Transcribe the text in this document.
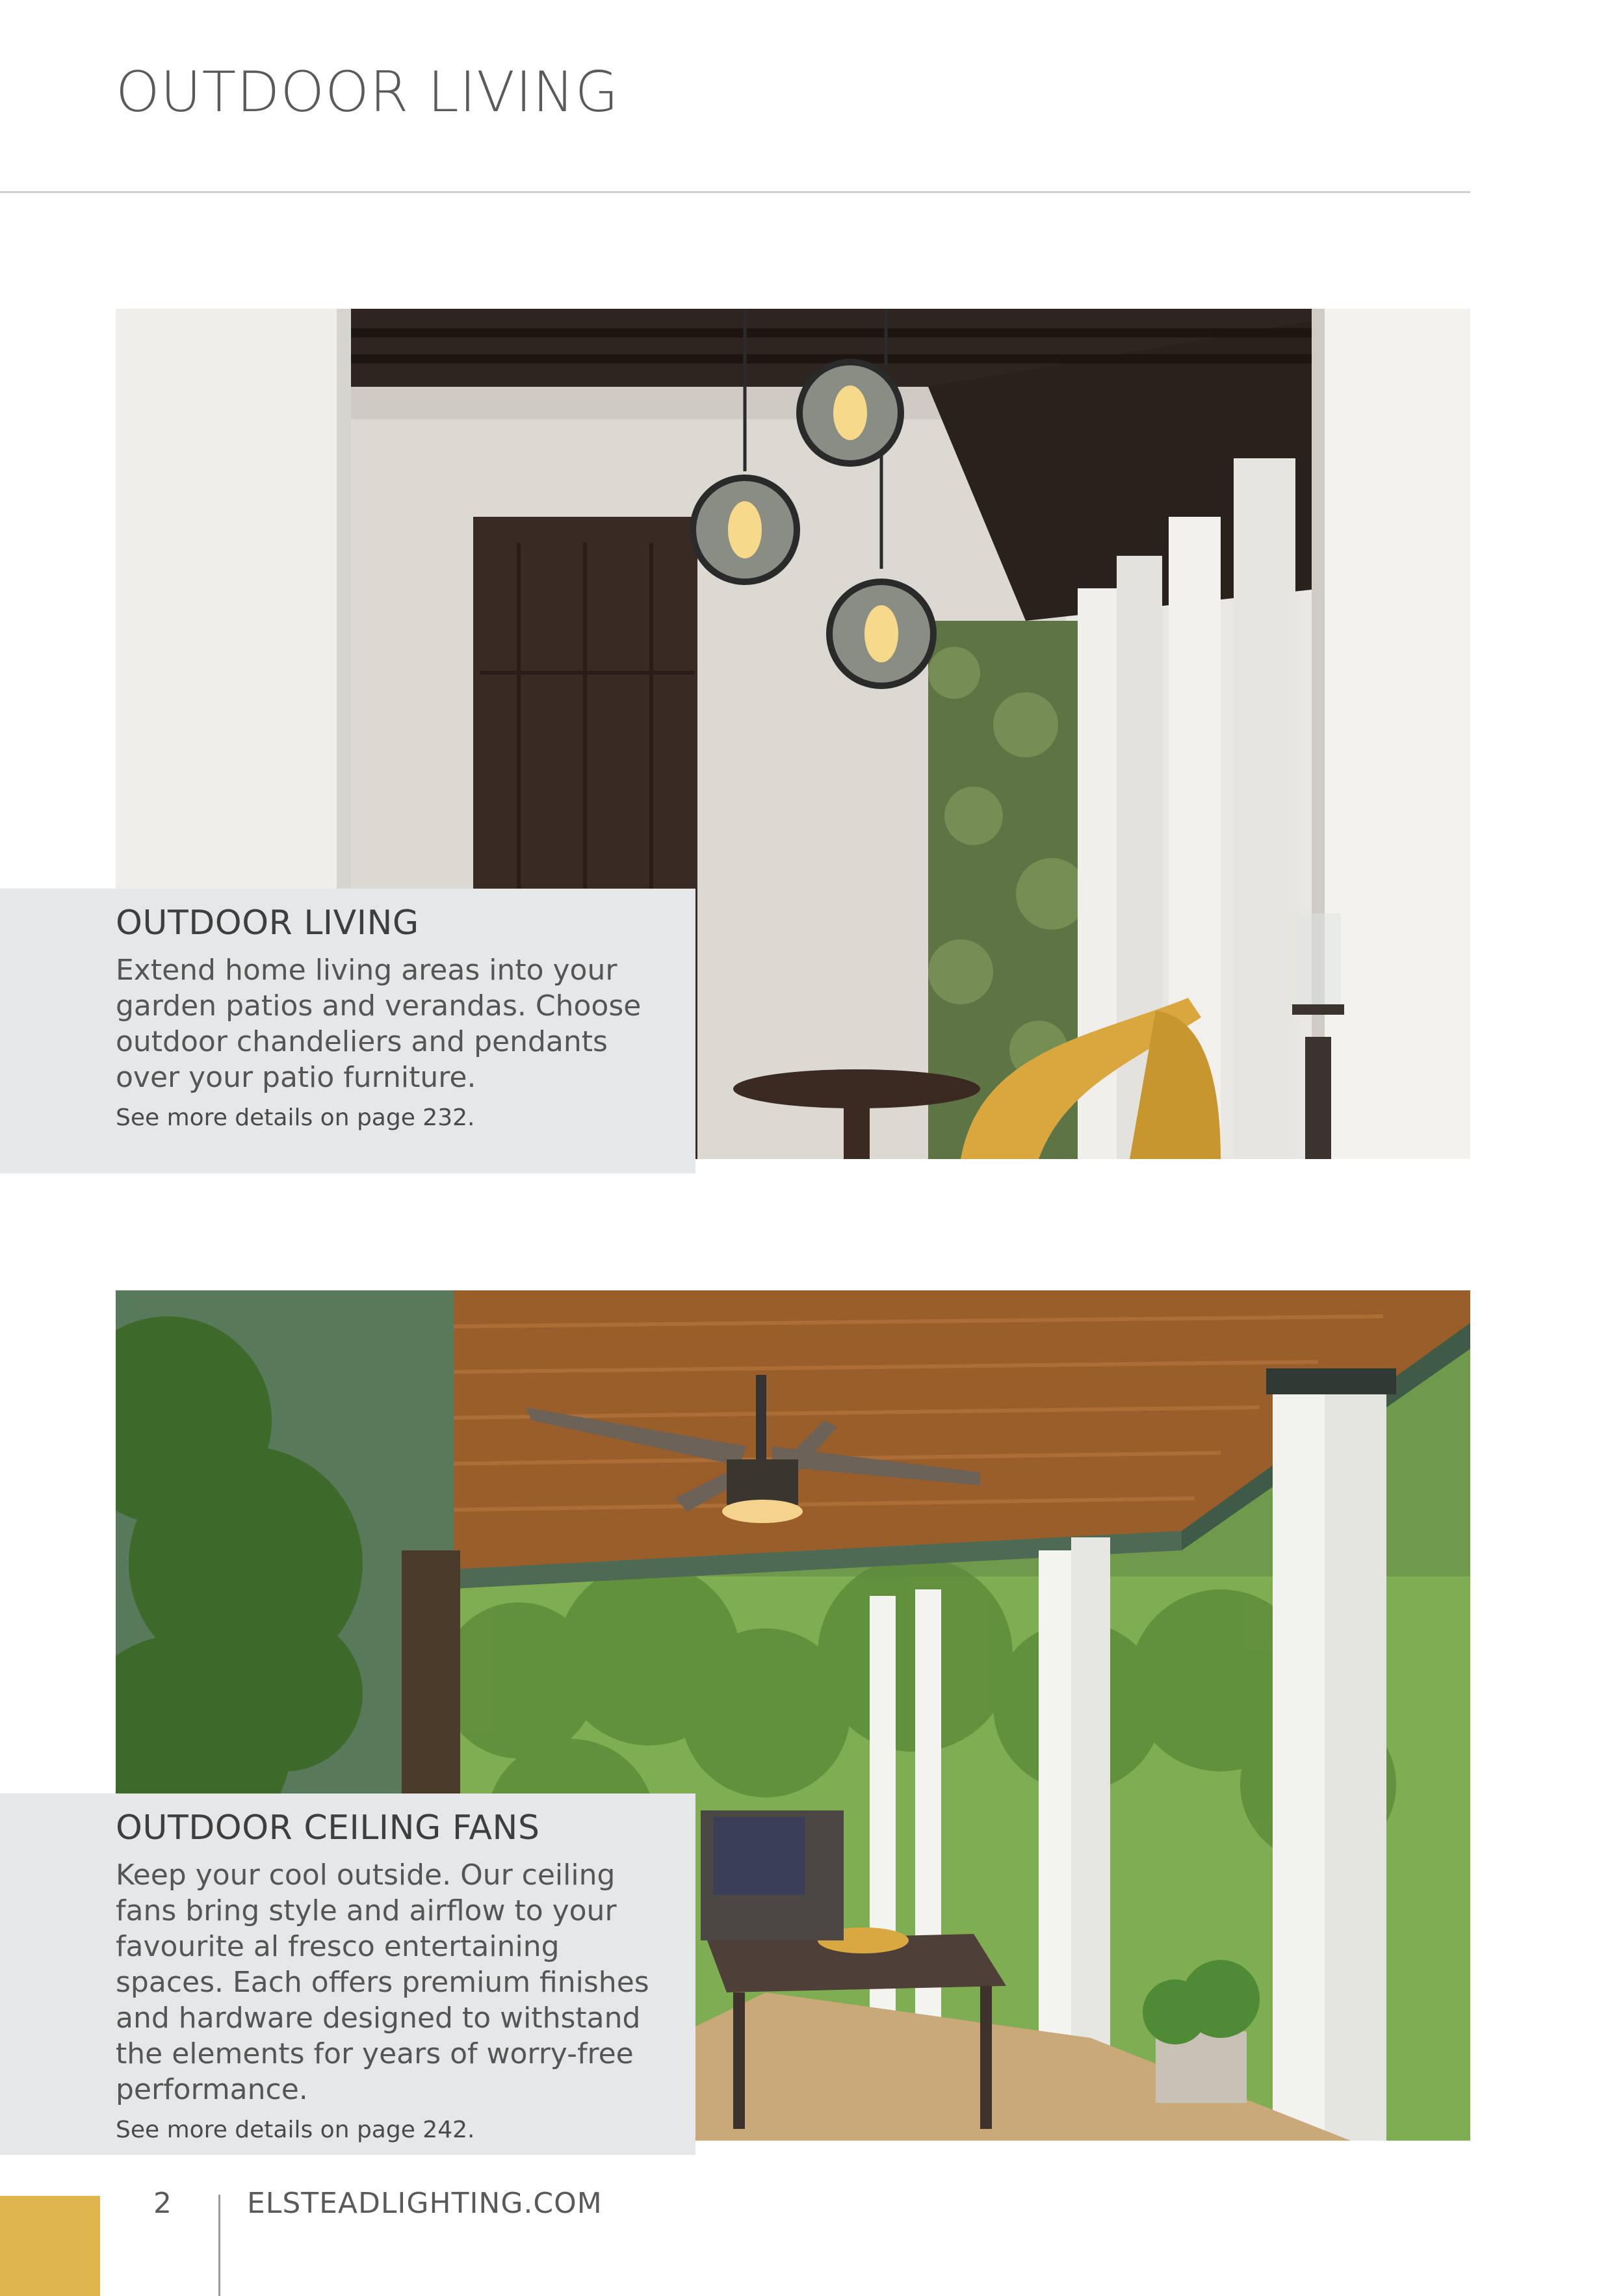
OUTDOOR LIVING
OUTDOOR LIVING

Extend home living areas into your garden patios and verandas. Choose outdoor chandeliers and pendants over your patio furniture.

See more details on page 232.

OUTDOOR CEILING FANS

Keep your cool outside. Our ceiling fans bring style and airflow to your favourite al fresco entertaining spaces. Each offers premium finishes and hardware designed to withstand the elements for years of worry-free performance.

See more details on page 242.

2	ELSTEADLIGHTING.COM
